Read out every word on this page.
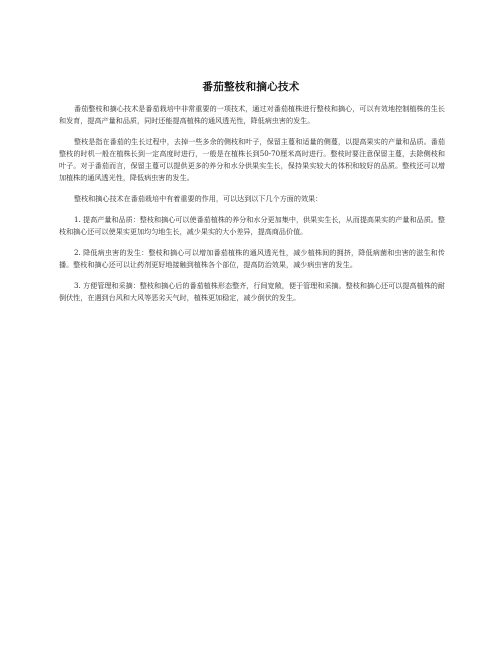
番茄整枝和摘心技术

番茄整枝和摘心技术是番茄栽培中非常重要的一项技术，通过对番茄植株进行整枝和摘心，可以有效地控制植株的生长和发育，提高产量和品质，同时还能提高植株的通风透光性，降低病虫害的发生。

整枝是指在番茄的生长过程中，去掉一些多余的侧枝和叶子，保留主蔓和适量的侧蔓，以提高果实的产量和品质。番茄整枝的时机一般在植株长到一定高度时进行，一般是在植株长到50-70厘米高时进行。整枝时要注意保留主蔓，去除侧枝和叶子。对于番茄而言，保留主蔓可以提供更多的养分和水分供果实生长，保持果实较大的体积和较好的品质。整枝还可以增加植株的通风透光性，降低病虫害的发生。

整枝和摘心技术在番茄栽培中有着重要的作用，可以达到以下几个方面的效果：

1. 提高产量和品质：整枝和摘心可以使番茄植株的养分和水分更加集中，供果实生长，从而提高果实的产量和品质。整枝和摘心还可以使果实更加均匀地生长，减少果实的大小差异，提高商品价值。

2. 降低病虫害的发生：整枝和摘心可以增加番茄植株的通风透光性，减少植株间的拥挤，降低病菌和虫害的滋生和传播。整枝和摘心还可以让药剂更好地接触到植株各个部位，提高防治效果，减少病虫害的发生。

3. 方便管理和采摘：整枝和摘心后的番茄植株形态整齐，行间宽敞，便于管理和采摘。整枝和摘心还可以提高植株的耐倒伏性，在遇到台风和大风等恶劣天气时，植株更加稳定，减少倒伏的发生。
